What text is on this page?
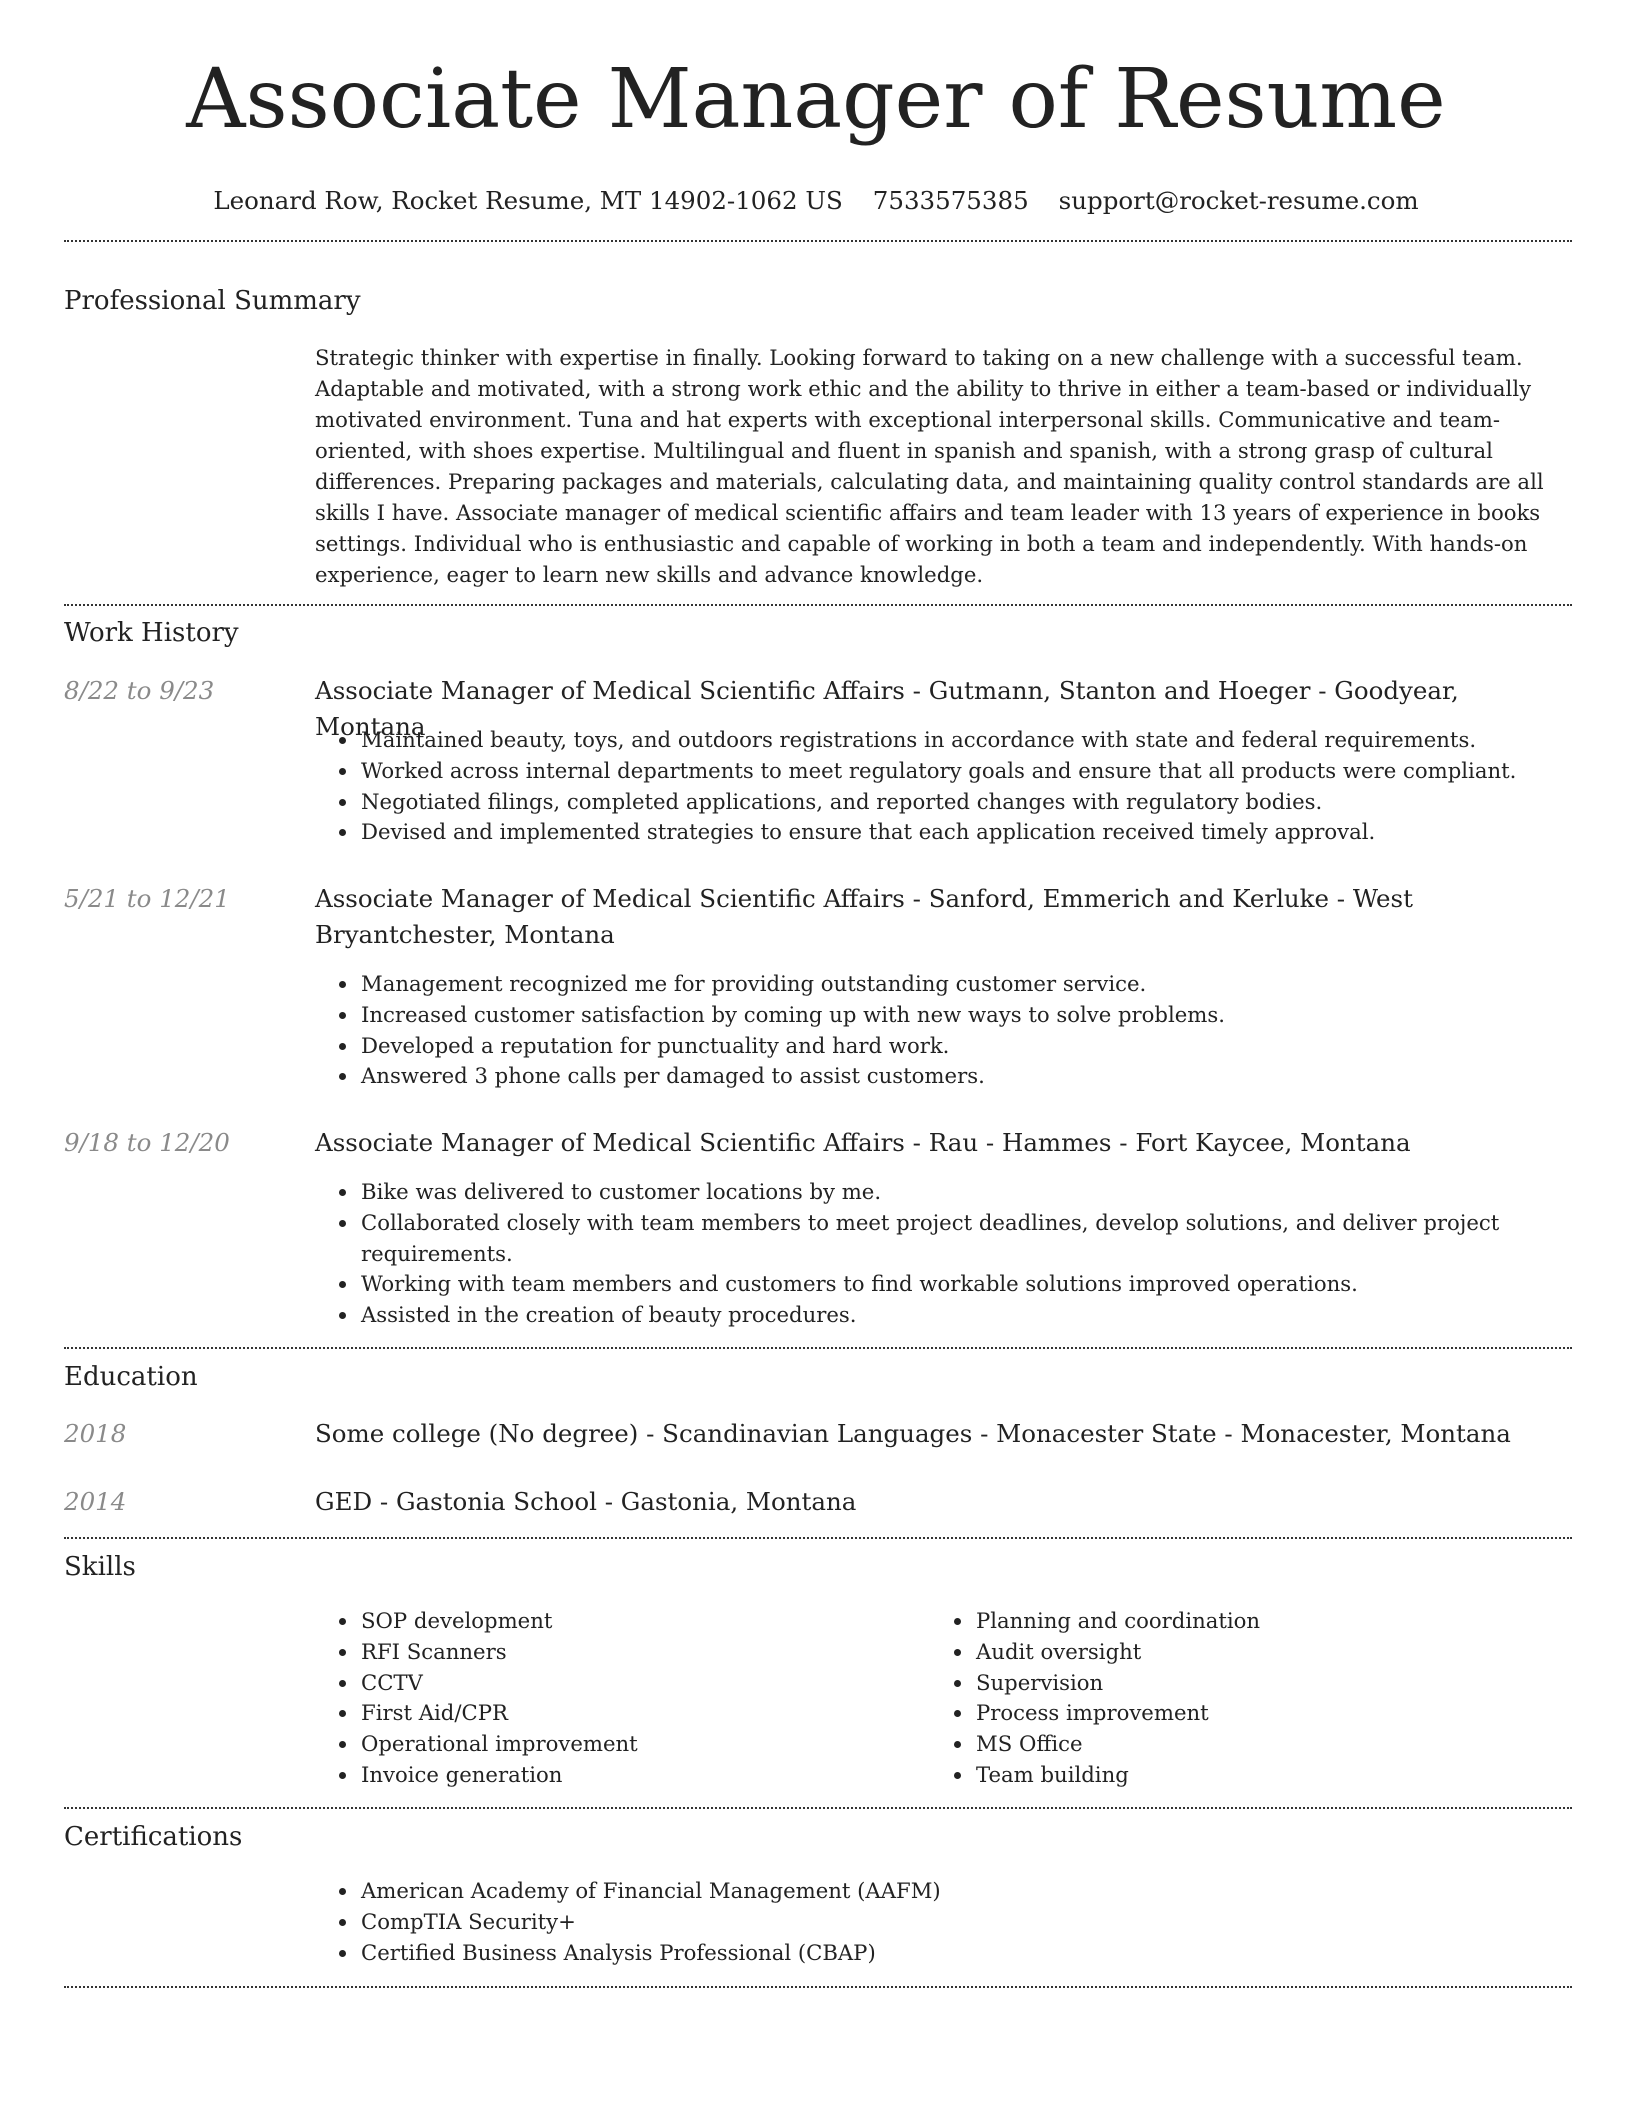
Associate Manager of Resume
Leonard Row, Rocket Resume, MT 14902-1062 US 7533575385 support@rocket-resume.com
Professional Summary

Strategic thinker with expertise in finally. Looking forward to taking on a new challenge with a successful team. Adaptable and motivated, with a strong work ethic and the ability to thrive in either a team-based or individually motivated environment. Tuna and hat experts with exceptional interpersonal skills. Communicative and team-oriented, with shoes expertise. Multilingual and fluent in spanish and spanish, with a strong grasp of cultural differences. Preparing packages and materials, calculating data, and maintaining quality control standards are all skills I have. Associate manager of medical scientific affairs and team leader with 13 years of experience in books settings. Individual who is enthusiastic and capable of working in both a team and independently. With hands-on experience, eager to learn new skills and advance knowledge.

Work History
8/22 to 9/23	Associate Manager of Medical Scientific Affairs - Gutmann, Stanton and Hoeger - Goodyear, Montana
• Maintained beauty, toys, and outdoors registrations in accordance with state and federal requirements.
• Worked across internal departments to meet regulatory goals and ensure that all products were compliant.
• Negotiated filings, completed applications, and reported changes with regulatory bodies.
• Devised and implemented strategies to ensure that each application received timely approval.
5/21 to 12/21	Associate Manager of Medical Scientific Affairs - Sanford, Emmerich and Kerluke - West Bryantchester, Montana
• Management recognized me for providing outstanding customer service.
• Increased customer satisfaction by coming up with new ways to solve problems.
• Developed a reputation for punctuality and hard work.
• Answered 3 phone calls per damaged to assist customers.
9/18 to 12/20	Associate Manager of Medical Scientific Affairs - Rau - Hammes - Fort Kaycee, Montana
• Bike was delivered to customer locations by me.
• Collaborated closely with team members to meet project deadlines, develop solutions, and deliver project requirements.
• Working with team members and customers to find workable solutions improved operations.
• Assisted in the creation of beauty procedures.
Education
2018	Some college (No degree) - Scandinavian Languages - Monacester State - Monacester, Montana
2014	GED - Gastonia School - Gastonia, Montana
Skills
• SOP development
• RFI Scanners
• CCTV
• First Aid/CPR
• Operational improvement
• Invoice generation
• Planning and coordination
• Audit oversight
• Supervision
• Process improvement
• MS Office
• Team building
Certifications
• American Academy of Financial Management (AAFM)
• CompTIA Security+
• Certified Business Analysis Professional (CBAP)
